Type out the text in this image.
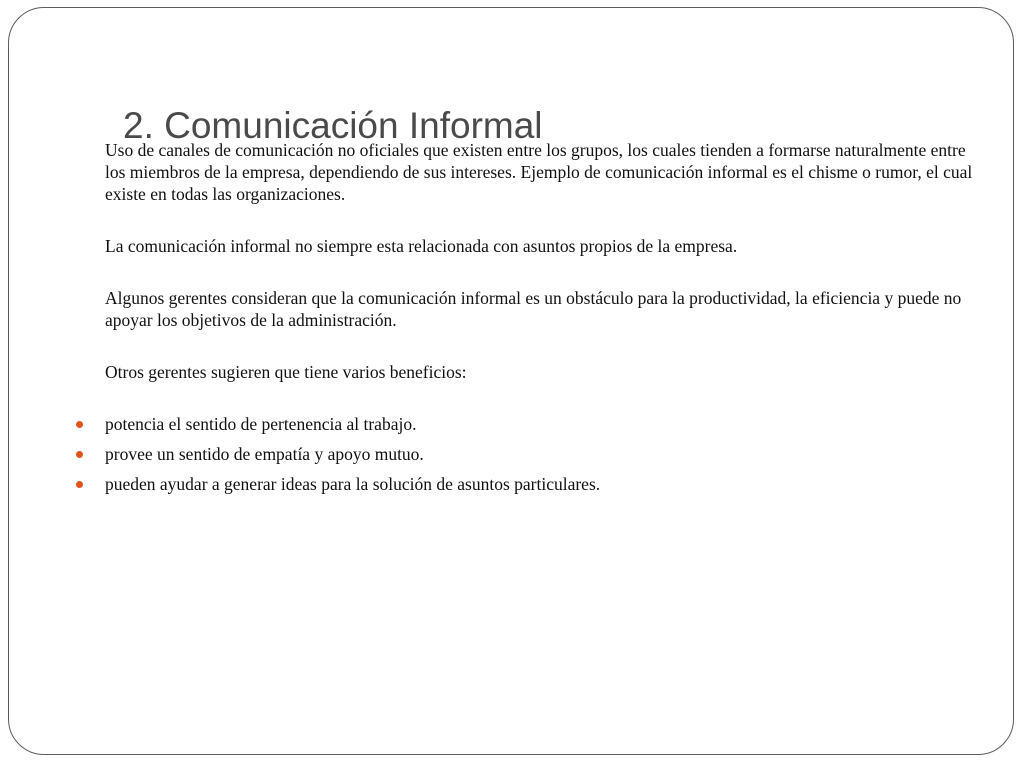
2. Comunicación Informal

Uso de canales de comunicación no oficiales que existen entre los grupos, los cuales tienden a formarse naturalmente entre los miembros de la empresa, dependiendo de sus intereses. Ejemplo de comunicación informal es el chisme o rumor, el cual existe en todas las organizaciones.

La comunicación informal no siempre esta relacionada con asuntos propios de la empresa.

Algunos gerentes consideran que la comunicación informal es un obstáculo para la productividad, la eficiencia y puede no apoyar los objetivos de la administración.

Otros gerentes sugieren que tiene varios beneficios:

potencia el sentido de pertenencia al trabajo.
provee un sentido de empatía y apoyo mutuo.
pueden ayudar a generar ideas para la solución de asuntos particulares.
